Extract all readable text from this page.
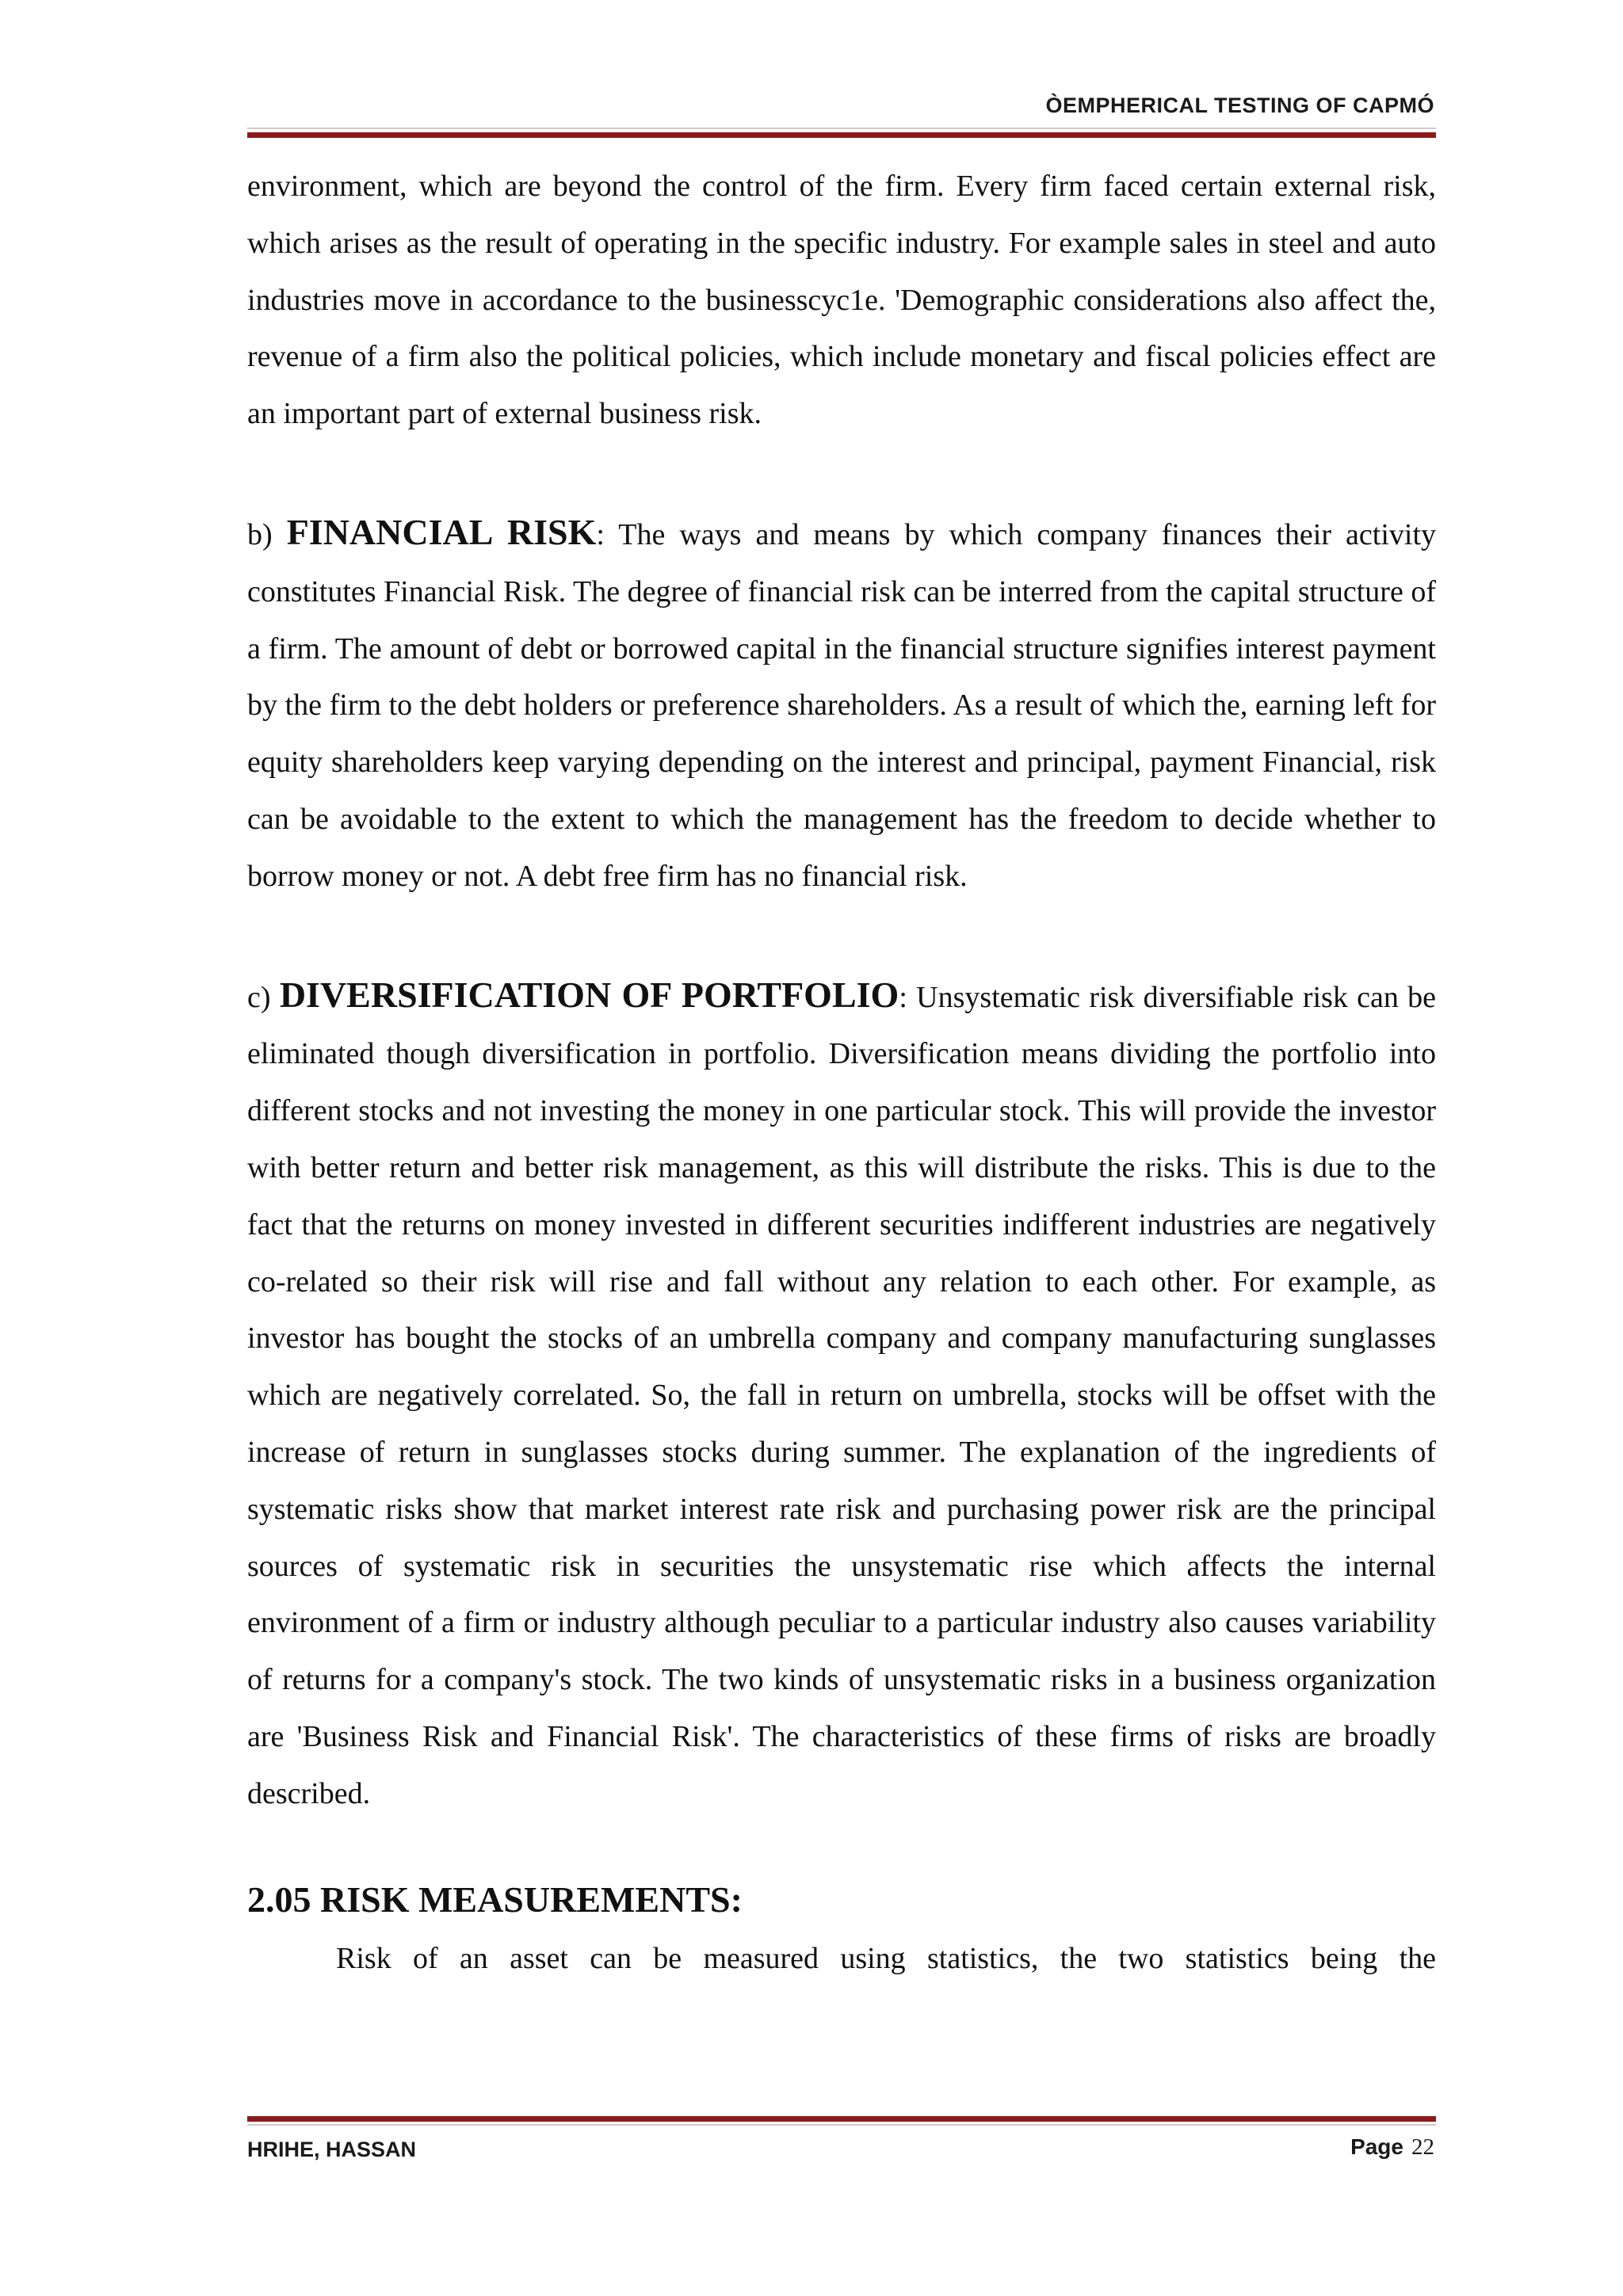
ÒEMPHERICAL TESTING OF CAPMÓ

environment, which are beyond the control of the firm. Every firm faced certain external risk, which arises as the result of operating in the specific industry. For example sales in steel and auto industries move in accordance to the businesscyc1e. 'Demographic considerations also affect the, revenue of a firm also the political policies, which include monetary and fiscal policies effect are an important part of external business risk.

b) FINANCIAL RISK: The ways and means by which company finances their activity constitutes Financial Risk. The degree of financial risk can be interred from the capital structure of a firm. The amount of debt or borrowed capital in the financial structure signifies interest payment by the firm to the debt holders or preference shareholders. As a result of which the, earning left for equity shareholders keep varying depending on the interest and principal, payment Financial, risk can be avoidable to the extent to which the management has the freedom to decide whether to borrow money or not. A debt free firm has no financial risk.

c) DIVERSIFICATION OF PORTFOLIO: Unsystematic risk diversifiable risk can be eliminated though diversification in portfolio. Diversification means dividing the portfolio into different stocks and not investing the money in one particular stock. This will provide the investor with better return and better risk management, as this will distribute the risks. This is due to the fact that the returns on money invested in different securities indifferent industries are negatively co-related so their risk will rise and fall without any relation to each other. For example, as investor has bought the stocks of an umbrella company and company manufacturing sunglasses which are negatively correlated. So, the fall in return on umbrella, stocks will be offset with the increase of return in sunglasses stocks during summer. The explanation of the ingredients of systematic risks show that market interest rate risk and purchasing power risk are the principal sources of systematic risk in securities the unsystematic rise which affects the internal environment of a firm or industry although peculiar to a particular industry also causes variability of returns for a company's stock. The two kinds of unsystematic risks in a business organization are 'Business Risk and Financial Risk'. The characteristics of these firms of risks are broadly described.

2.05 RISK MEASUREMENTS:

Risk of an asset can be measured using statistics, the two statistics being the

HRIHE, HASSAN	Page 22
